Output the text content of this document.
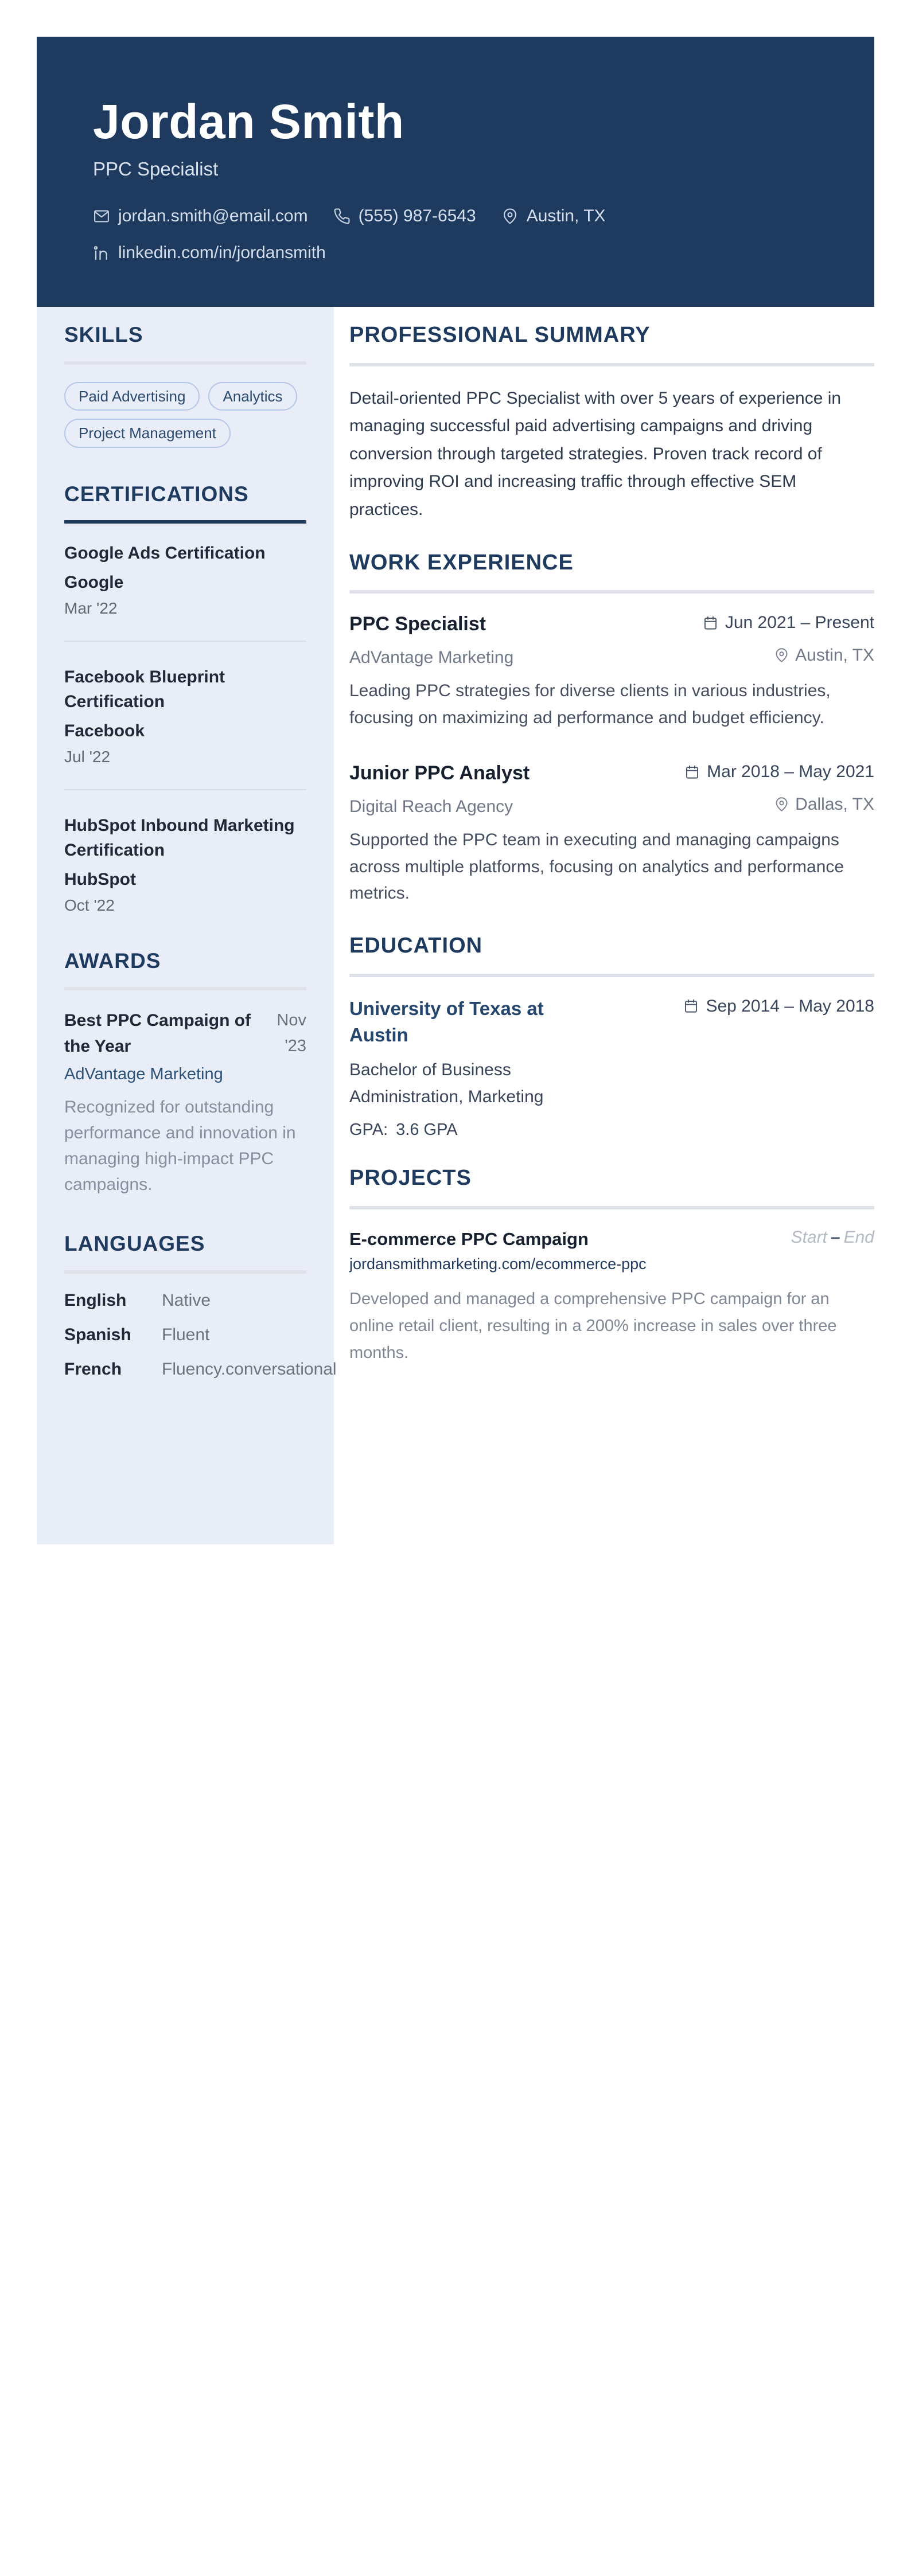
Jordan Smith
PPC Specialist
jordan.smith@email.com	(555) 987-6543	Austin, TX
linkedin.com/in/jordansmith
SKILLS
Paid Advertising	Analytics
Project Management
CERTIFICATIONS
Google Ads Certification
Google
Mar '22
Facebook Blueprint Certification
Facebook
Jul '22
HubSpot Inbound Marketing Certification
HubSpot
Oct '22
AWARDS
Best PPC Campaign of the Year
Nov '23
AdVantage Marketing
Recognized for outstanding performance and innovation in managing high-impact PPC campaigns.
LANGUAGES
English	Native
Spanish	Fluent
French	Fluency.conversational
PROFESSIONAL SUMMARY

Detail-oriented PPC Specialist with over 5 years of experience in managing successful paid advertising campaigns and driving conversion through targeted strategies. Proven track record of improving ROI and increasing traffic through effective SEM practices.

WORK EXPERIENCE
PPC Specialist	Jun 2021 – Present
AdVantage Marketing	Austin, TX

Leading PPC strategies for diverse clients in various industries, focusing on maximizing ad performance and budget efficiency.

Junior PPC Analyst	Mar 2018 – May 2021
Digital Reach Agency	Dallas, TX

Supported the PPC team in executing and managing campaigns across multiple platforms, focusing on analytics and performance metrics.

EDUCATION
University of Texas at Austin
Sep 2014 – May 2018
Bachelor of Business Administration, Marketing
GPA: 3.6 GPA
PROJECTS
E-commerce PPC Campaign	Start – End
jordansmithmarketing.com/ecommerce-ppc

Developed and managed a comprehensive PPC campaign for an online retail client, resulting in a 200% increase in sales over three months.
